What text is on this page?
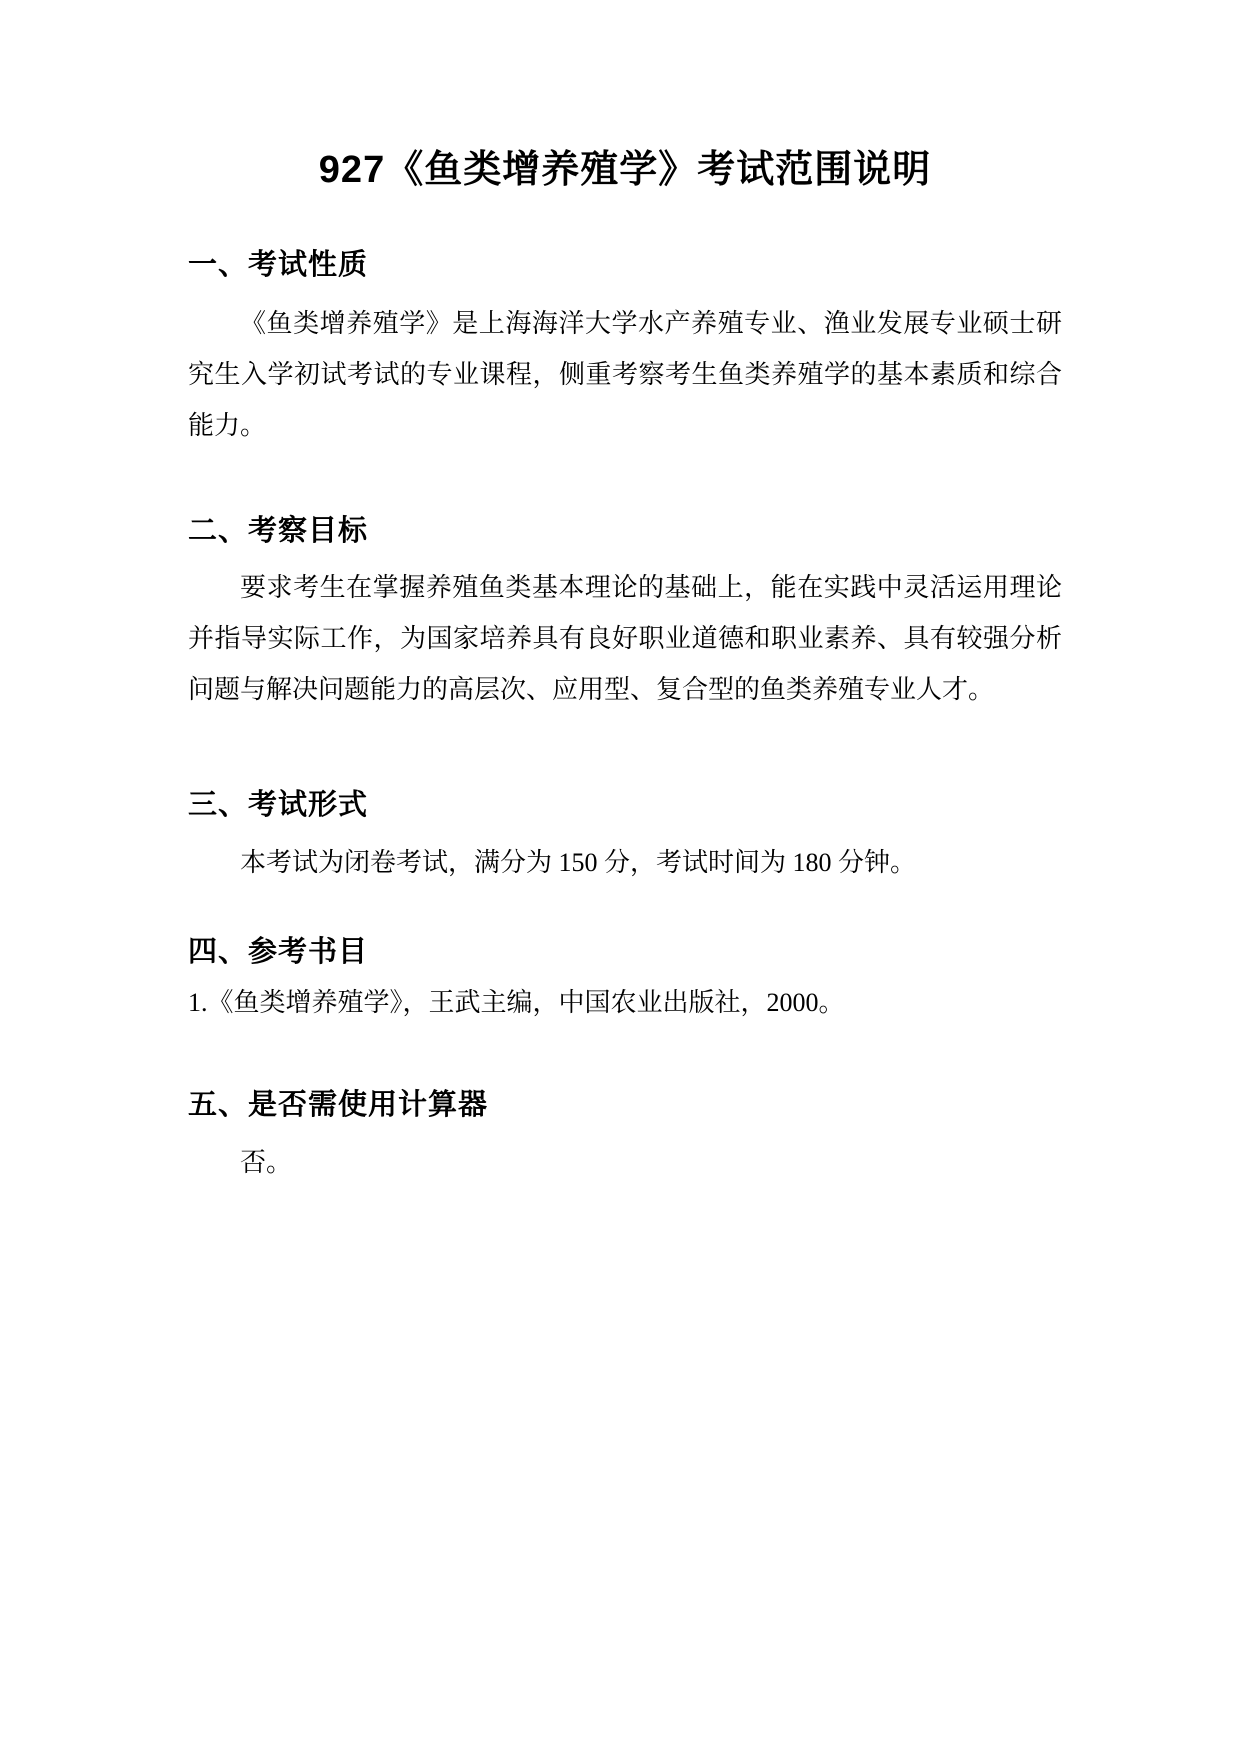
927《鱼类增养殖学》考试范围说明
一、考试性质

《鱼类增养殖学》是上海海洋大学水产养殖专业、渔业发展专业硕士研究生入学初试考试的专业课程，侧重考察考生鱼类养殖学的基本素质和综合能力。

二、考察目标

要求考生在掌握养殖鱼类基本理论的基础上，能在实践中灵活运用理论并指导实际工作，为国家培养具有良好职业道德和职业素养、具有较强分析问题与解决问题能力的高层次、应用型、复合型的鱼类养殖专业人才。

三、考试形式

本考试为闭卷考试，满分为 150 分，考试时间为 180 分钟。

四、参考书目

1.《鱼类增养殖学》，王武主编，中国农业出版社，2000。

五、是否需使用计算器

否。
